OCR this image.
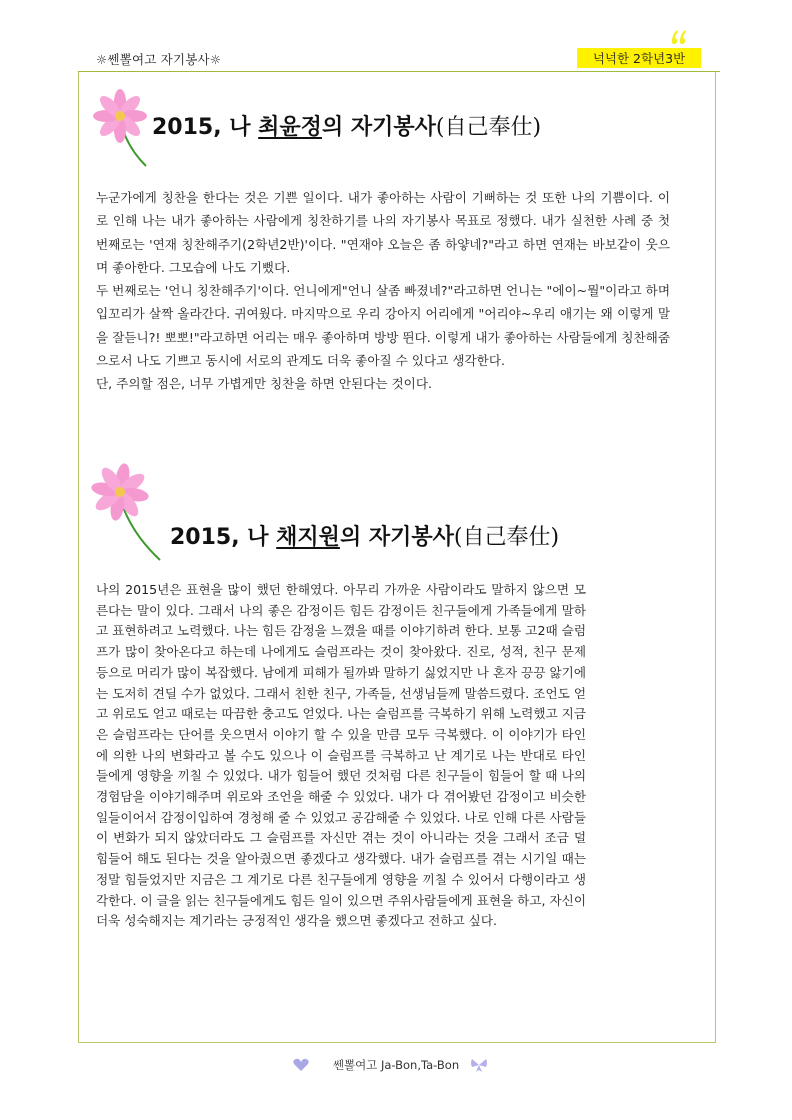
☼쎈뽈여고 자기봉사☼	넉넉한 2학년3반
2015, 나 최윤정의 자기봉사(自己奉仕)

누군가에게 칭찬을 한다는 것은 기쁜 일이다. 내가 좋아하는 사람이 기뻐하는 것 또한 나의 기쁨이다. 이로 인해 나는 내가 좋아하는 사람에게 칭찬하기를 나의 자기봉사 목표로 정했다. 내가 실천한 사례 중 첫 번째로는 '연재 칭찬해주기(2학년2반)'이다. "연재야 오늘은 좀 하얗네?"라고 하면 연재는 바보같이 웃으며 좋아한다. 그모습에 나도 기뻤다.
두 번째로는 '언니 칭찬해주기'이다. 언니에게"언니 살좀 빠졌네?"라고하면 언니는 "에이~뭘"이라고 하며 입꼬리가 살짝 올라간다. 귀여웠다. 마지막으로 우리 강아지 어리에게 "어리야~우리 애기는 왜 이렇게 말을 잘듣니?! 뽀뽀!"라고하면 어리는 매우 좋아하며 방방 뛴다. 이렇게 내가 좋아하는 사람들에게 칭찬해줌으로서 나도 기쁘고 동시에 서로의 관계도 더욱 좋아질 수 있다고 생각한다.
단, 주의할 점은, 너무 가볍게만 칭찬을 하면 안된다는 것이다.

2015, 나 채지원의 자기봉사(自己奉仕)

나의 2015년은 표현을 많이 했던 한해였다. 아무리 가까운 사람이라도 말하지 않으면 모른다는 말이 있다. 그래서 나의 좋은 감정이든 힘든 감정이든 친구들에게 가족들에게 말하고 표현하려고 노력했다. 나는 힘든 감정을 느꼈을 때를 이야기하려 한다. 보통 고2때 슬럼프가 많이 찾아온다고 하는데 나에게도 슬럼프라는 것이 찾아왔다. 진로, 성적, 친구 문제 등으로 머리가 많이 복잡했다. 남에게 피해가 될까봐 말하기 싫었지만 나 혼자 끙끙 앓기에는 도저히 견딜 수가 없었다. 그래서 친한 친구, 가족들, 선생님들께 말씀드렸다. 조언도 얻고 위로도 얻고 때로는 따끔한 충고도 얻었다. 나는 슬럼프를 극복하기 위해 노력했고 지금은 슬럼프라는 단어를 웃으면서 이야기 할 수 있을 만큼 모두 극복했다. 이 이야기가 타인에 의한 나의 변화라고 볼 수도 있으나 이 슬럼프를 극복하고 난 계기로 나는 반대로 타인들에게 영향을 끼칠 수 있었다. 내가 힘들어 했던 것처럼 다른 친구들이 힘들어 할 때 나의 경험담을 이야기해주며 위로와 조언을 해줄 수 있었다. 내가 다 겪어봤던 감정이고 비슷한 일들이어서 감정이입하여 경청해 줄 수 있었고 공감해줄 수 있었다. 나로 인해 다른 사람들이 변화가 되지 않았더라도 그 슬럼프를 자신만 겪는 것이 아니라는 것을 그래서 조금 덜 힘들어 해도 된다는 것을 알아줬으면 좋겠다고 생각했다. 내가 슬럼프를 겪는 시기일 때는 정말 힘들었지만 지금은 그 계기로 다른 친구들에게 영향을 끼칠 수 있어서 다행이라고 생각한다. 이 글을 읽는 친구들에게도 힘든 일이 있으면 주위사람들에게 표현을 하고, 자신이 더욱 성숙해지는 계기라는 긍정적인 생각을 했으면 좋겠다고 전하고 싶다.

쎈뽈여고 Ja-Bon,Ta-Bon
